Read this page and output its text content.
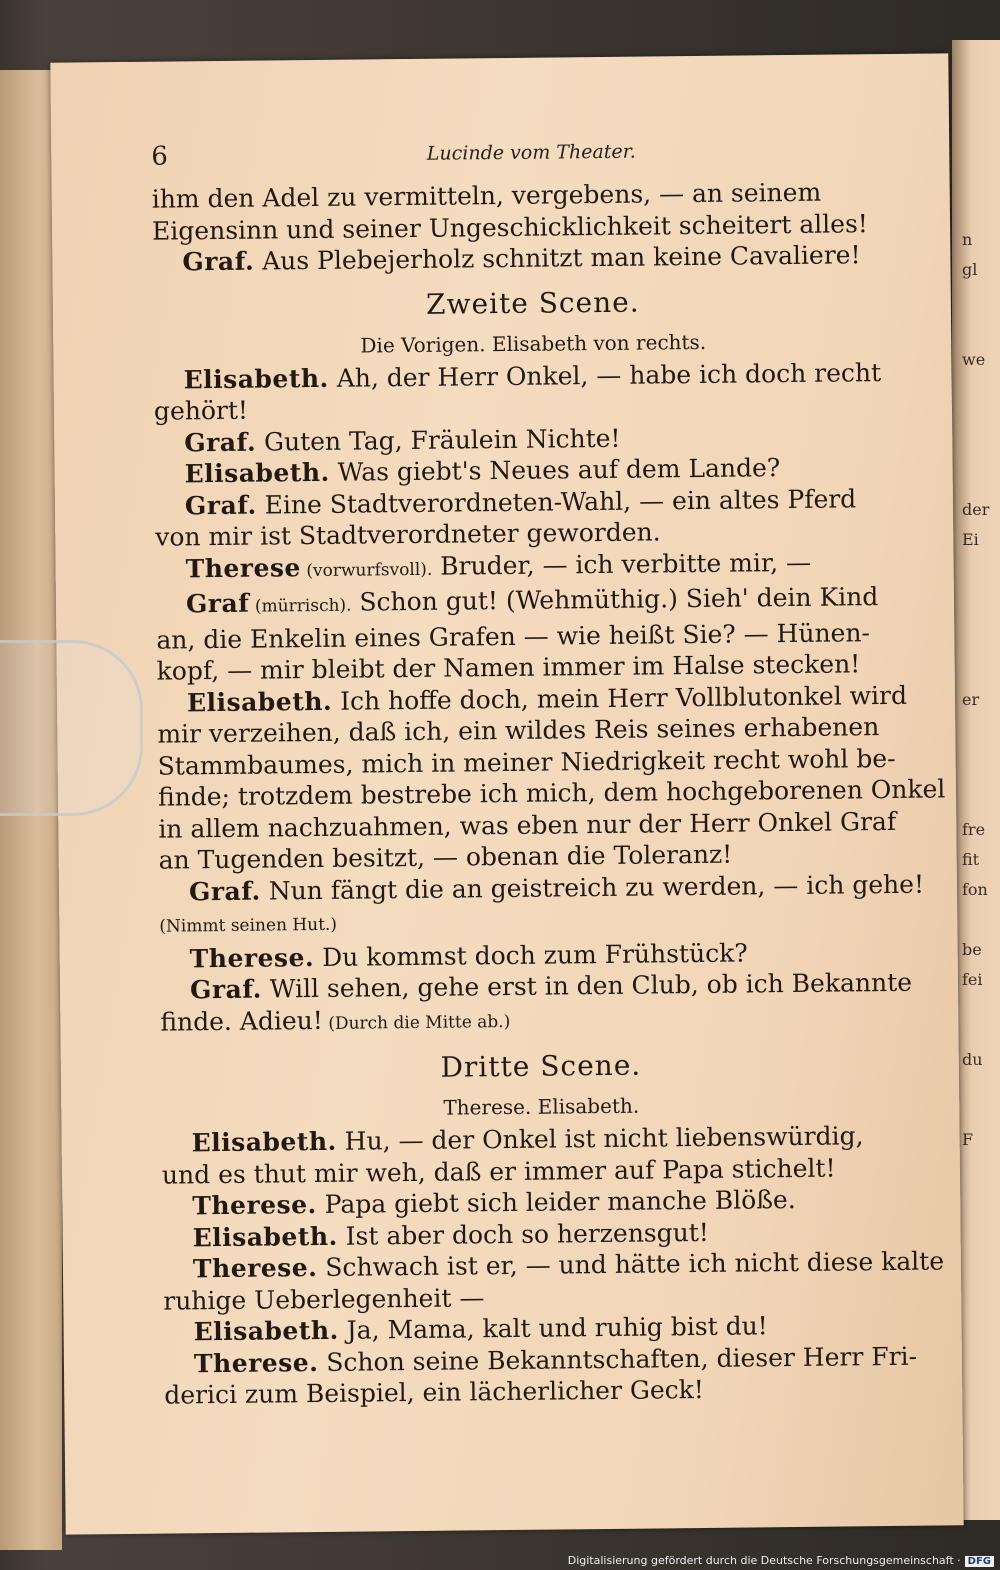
n
gl
we
der
Ei
er
fre
fit
fon
be
fei
du
F
6	Lucinde vom Theater.
ihm den Adel zu vermitteln, vergebens, — an seinem
Eigensinn und seiner Ungeschicklichkeit scheitert alles!
Graf. Aus Plebejerholz schnitzt man keine Cavaliere!
Zweite Scene.
Die Vorigen. Elisabeth von rechts.
Elisabeth. Ah, der Herr Onkel, — habe ich doch recht
gehört!
Graf. Guten Tag, Fräulein Nichte!
Elisabeth. Was giebt's Neues auf dem Lande?
Graf. Eine Stadtverordneten-Wahl, — ein altes Pferd
von mir ist Stadtverordneter geworden.
Therese (vorwurfsvoll). Bruder, — ich verbitte mir, —
Graf (mürrisch). Schon gut! (Wehmüthig.) Sieh' dein Kind
an, die Enkelin eines Grafen — wie heißt Sie? — Hünen-
kopf, — mir bleibt der Namen immer im Halse stecken!
Elisabeth. Ich hoffe doch, mein Herr Vollblutonkel wird
mir verzeihen, daß ich, ein wildes Reis seines erhabenen
Stammbaumes, mich in meiner Niedrigkeit recht wohl be-
finde; trotzdem bestrebe ich mich, dem hochgeborenen Onkel
in allem nachzuahmen, was eben nur der Herr Onkel Graf
an Tugenden besitzt, — obenan die Toleranz!
Graf. Nun fängt die an geistreich zu werden, — ich gehe!
(Nimmt seinen Hut.)
Therese. Du kommst doch zum Frühstück?
Graf. Will sehen, gehe erst in den Club, ob ich Bekannte
finde. Adieu! (Durch die Mitte ab.)
Dritte Scene.
Therese. Elisabeth.
Elisabeth. Hu, — der Onkel ist nicht liebenswürdig,
und es thut mir weh, daß er immer auf Papa stichelt!
Therese. Papa giebt sich leider manche Blöße.
Elisabeth. Ist aber doch so herzensgut!
Therese. Schwach ist er, — und hätte ich nicht diese kalte
ruhige Ueberlegenheit —
Elisabeth. Ja, Mama, kalt und ruhig bist du!
Therese. Schon seine Bekanntschaften, dieser Herr Fri-
derici zum Beispiel, ein lächerlicher Geck!
Digitalisierung gefördert durch die Deutsche Forschungsgemeinschaft · DFG
